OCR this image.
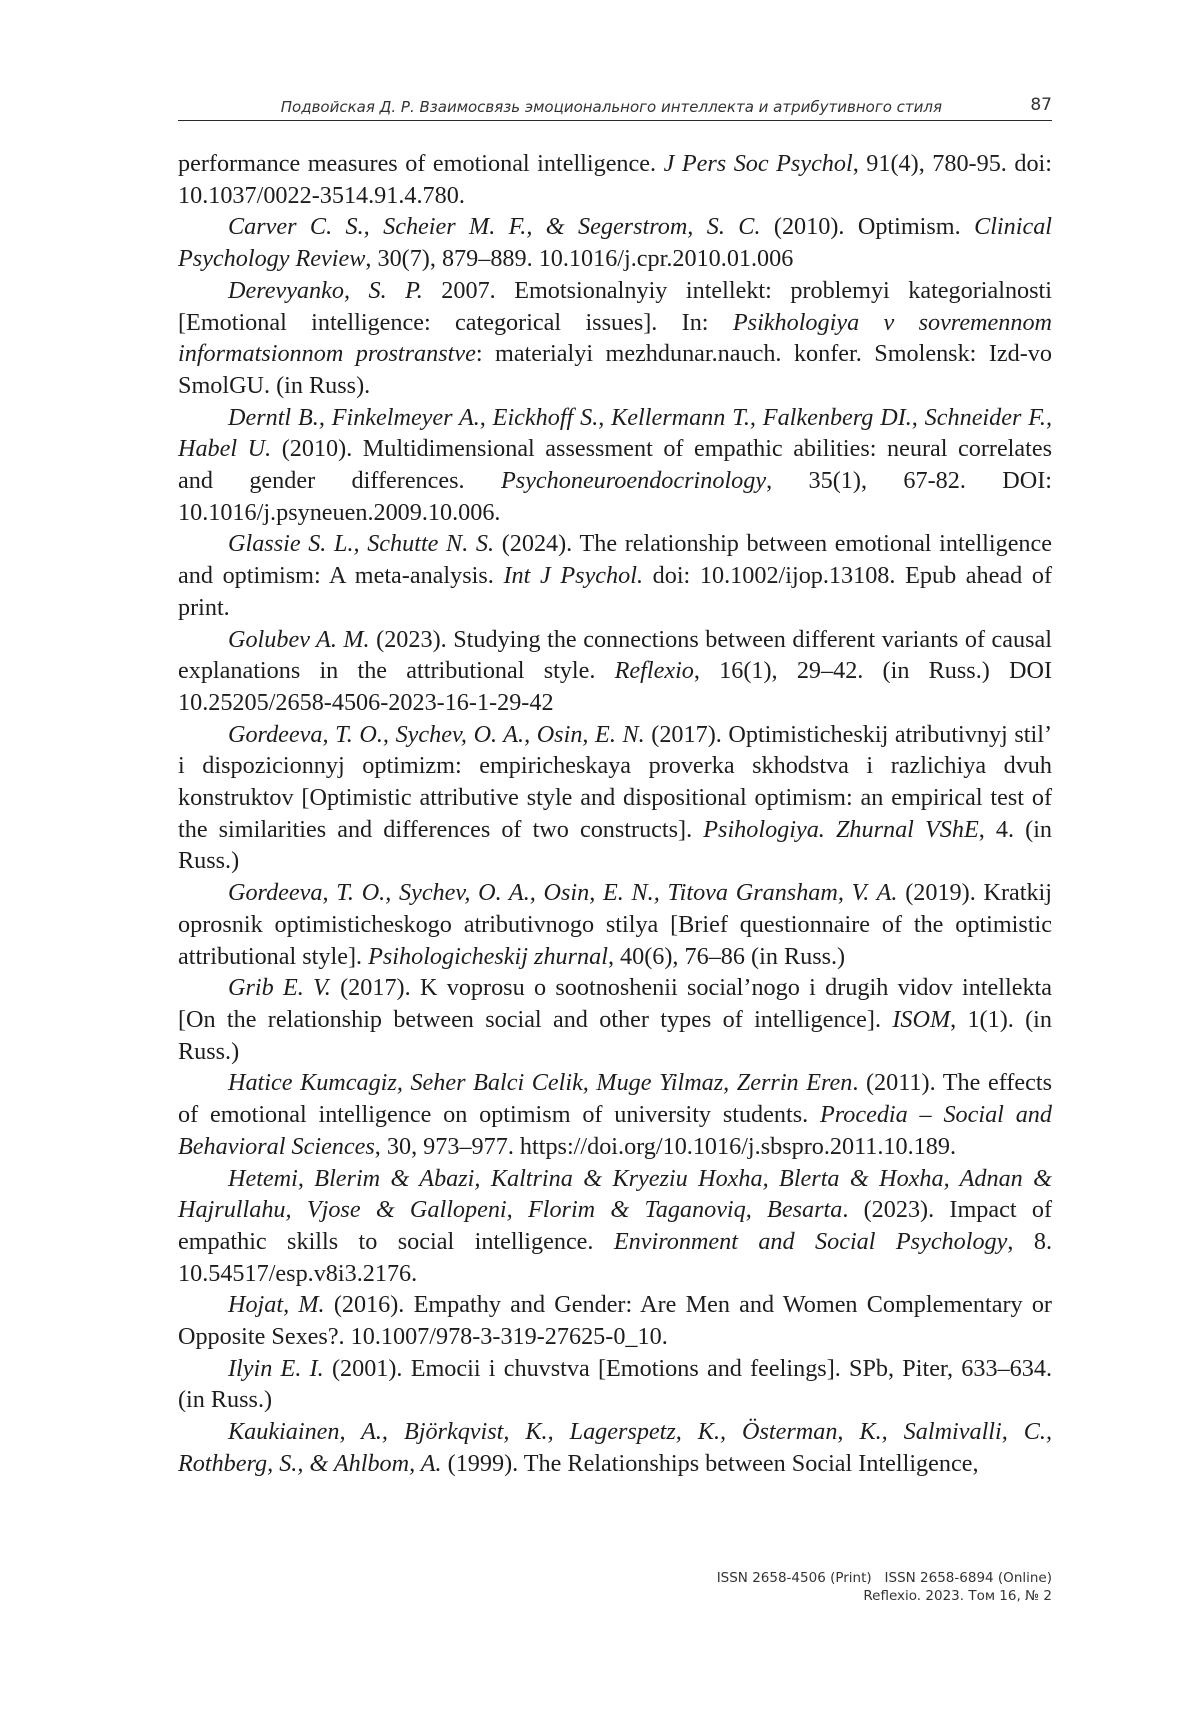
Подвойская Д. Р. Взаимосвязь эмоционального интеллекта и атрибутивного стиля	87

performance measures of emotional intelligence. J Pers Soc Psychol, 91(4), 780-95. doi: 10.1037/0022-3514.91.4.780.

Carver C. S., Scheier M. F., & Segerstrom, S. C. (2010). Optimism. Clinical Psychology Review, 30(7), 879–889. 10.1016/j.cpr.2010.01.006

Derevyanko, S. P. 2007. Emotsionalnyiy intellekt: problemyi kategorialnosti [Emotional intelligence: categorical issues]. In: Psikhologiya v sovremennom informatsionnom prostranstve: materialyi mezhdunar.nauch. konfer. Smolensk: Izd-vo SmolGU. (in Russ).

Derntl B., Finkelmeyer A., Eickhoff S., Kellermann T., Falkenberg DI., Schneider F., Habel U. (2010). Multidimensional assessment of empathic abilities: neural correlates and gender differences. Psychoneuroendocrinology, 35(1), 67-82. DOI: 10.1016/j.psyneuen.2009.10.006.

Glassie S. L., Schutte N. S. (2024). The relationship between emotional intelligence and optimism: A meta-analysis. Int J Psychol. doi: 10.1002/ijop.13108. Epub ahead of print.

Golubev A. M. (2023). Studying the connections between different variants of causal explanations in the attributional style. Reflexio, 16(1), 29–42. (in Russ.) DOI 10.25205/2658-4506-2023-16-1-29-42

Gordeeva, T. O., Sychev, O. A., Osin, E. N. (2017). Optimisticheskij atributivnyj stil’ i dispozicionnyj optimizm: empiricheskaya proverka skhodstva i razlichiya dvuh konstruktov [Optimistic attributive style and dispositional optimism: an empirical test of the similarities and differences of two constructs]. Psihologiya. Zhurnal VShE, 4. (in Russ.)

Gordeeva, T. O., Sychev, O. A., Osin, E. N., Titova Gransham, V. A. (2019). Kratkij oprosnik optimisticheskogo atributivnogo stilya [Brief questionnaire of the optimistic attributional style]. Psihologicheskij zhurnal, 40(6), 76–86 (in Russ.)

Grib E. V. (2017). K voprosu o sootnoshenii social’nogo i drugih vidov intellekta [On the relationship between social and other types of intelligence]. ISOM, 1(1). (in Russ.)

Hatice Kumcagiz, Seher Balci Celik, Muge Yilmaz, Zerrin Eren. (2011). The effects of emotional intelligence on optimism of university students. Procedia – Social and Behavioral Sciences, 30, 973–977. https://doi.org/10.1016/j.sbspro.2011.10.189.

Hetemi, Blerim & Abazi, Kaltrina & Kryeziu Hoxha, Blerta & Hoxha, Adnan & Hajrullahu, Vjose & Gallopeni, Florim & Taganoviq, Besarta. (2023). Impact of empathic skills to social intelligence. Environment and Social Psychology, 8. 10.54517/esp.v8i3.2176.

Hojat, M. (2016). Empathy and Gender: Are Men and Women Complementary or Opposite Sexes?. 10.1007/978-3-319-27625-0_10.

Ilyin E. I. (2001). Emocii i chuvstva [Emotions and feelings]. SPb, Piter, 633–634. (in Russ.)

Kaukiainen, A., Björkqvist, K., Lagerspetz, K., Österman, K., Salmivalli, C., Rothberg, S., & Ahlbom, A. (1999). The Relationships between Social Intelligence,

ISSN 2658-4506 (Print)   ISSN 2658-6894 (Online)
Reflexio. 2023. Том 16, № 2
